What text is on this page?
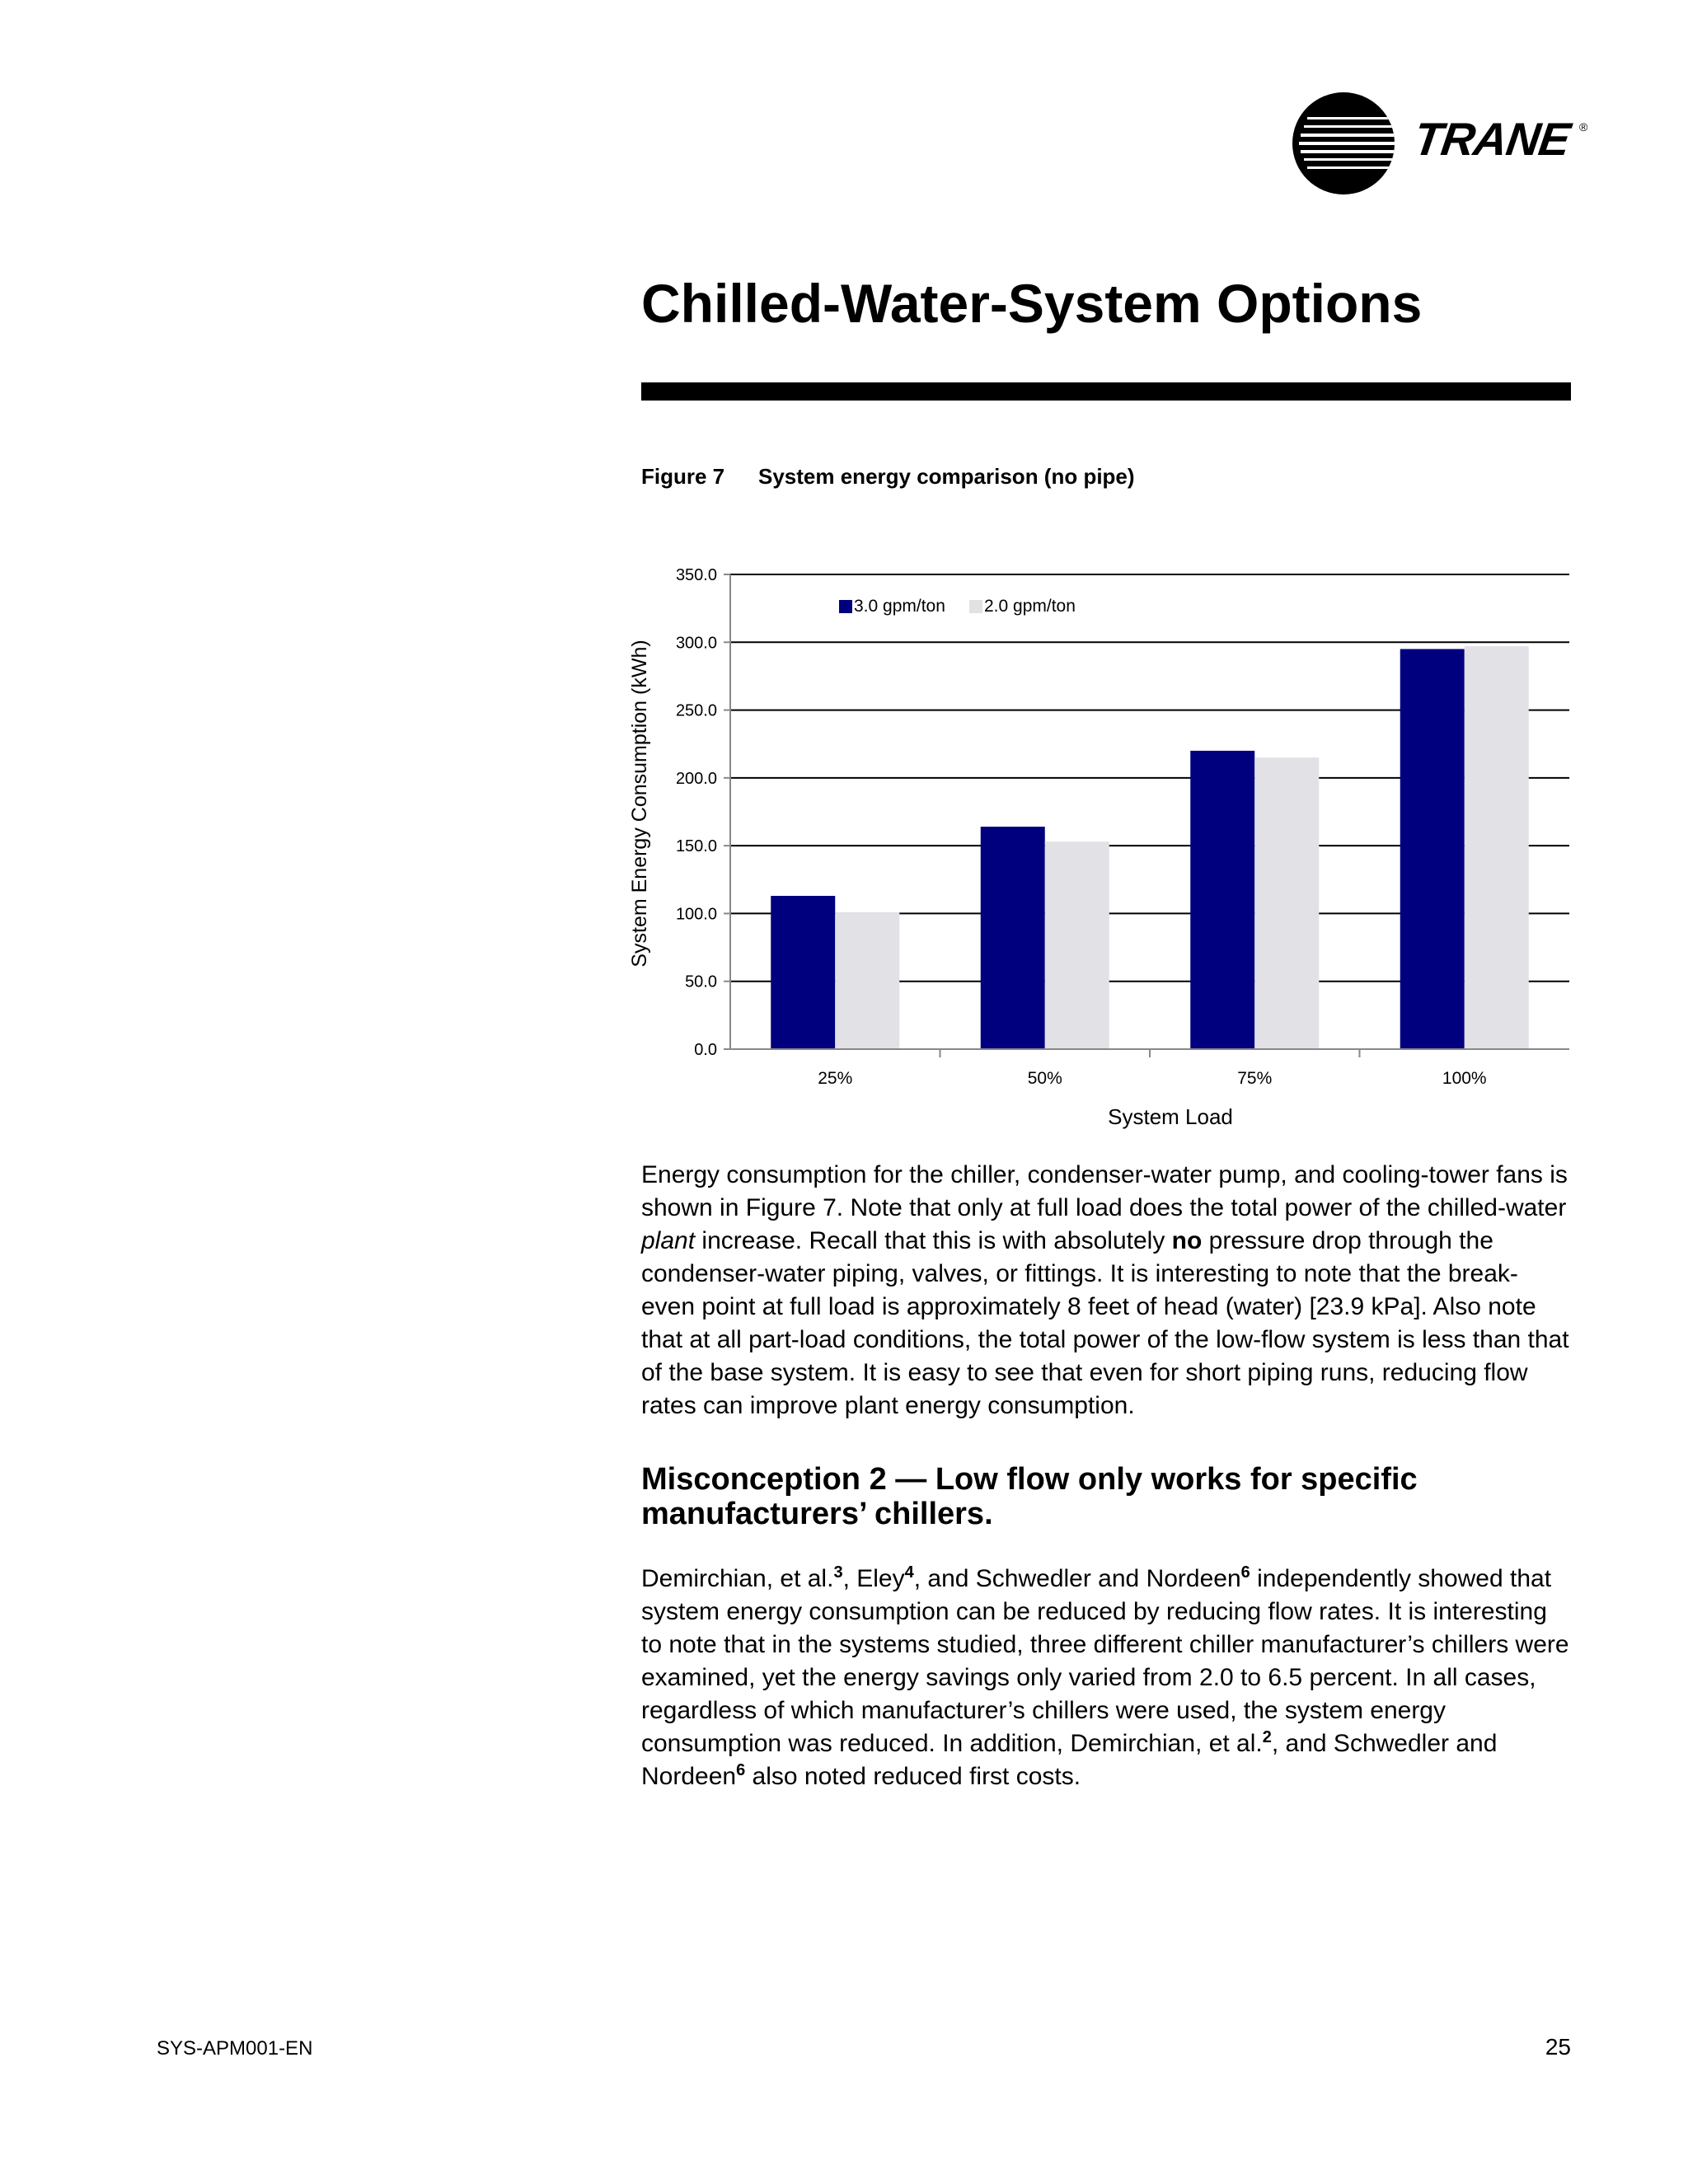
TRANE ®
Chilled-Water-System Options
Figure 7 System energy comparison (no pipe)
0.0
50.0
100.0
150.0
200.0
250.0
300.0
350.0
25%	50%	75%	100%
System Energy Consumption (kWh)
System Load
3.0 gpm/ton 2.0 gpm/ton

Energy consumption for the chiller, condenser-water pump, and cooling-tower fans is shown in Figure 7. Note that only at full load does the total power of the chilled-water plant increase. Recall that this is with absolutely no pressure drop through the condenser-water piping, valves, or fittings. It is interesting to note that the break-even point at full load is approximately 8 feet of head (water) [23.9 kPa]. Also note that at all part-load conditions, the total power of the low-flow system is less than that of the base system. It is easy to see that even for short piping runs, reducing flow rates can improve plant energy consumption.

Misconception 2 — Low flow only works for specific manufacturers’ chillers.

Demirchian, et al.$^3$, Eley$^4$, and Schwedler and Nordeen$^6$ independently showed that system energy consumption can be reduced by reducing flow rates. It is interesting to note that in the systems studied, three different chiller manufacturer’s chillers were examined, yet the energy savings only varied from 2.0 to 6.5 percent. In all cases, regardless of which manufacturer’s chillers were used, the system energy consumption was reduced. In addition, Demirchian, et al.$^2$, and Schwedler and Nordeen$^6$ also noted reduced first costs.

SYS-APM001-EN	25
